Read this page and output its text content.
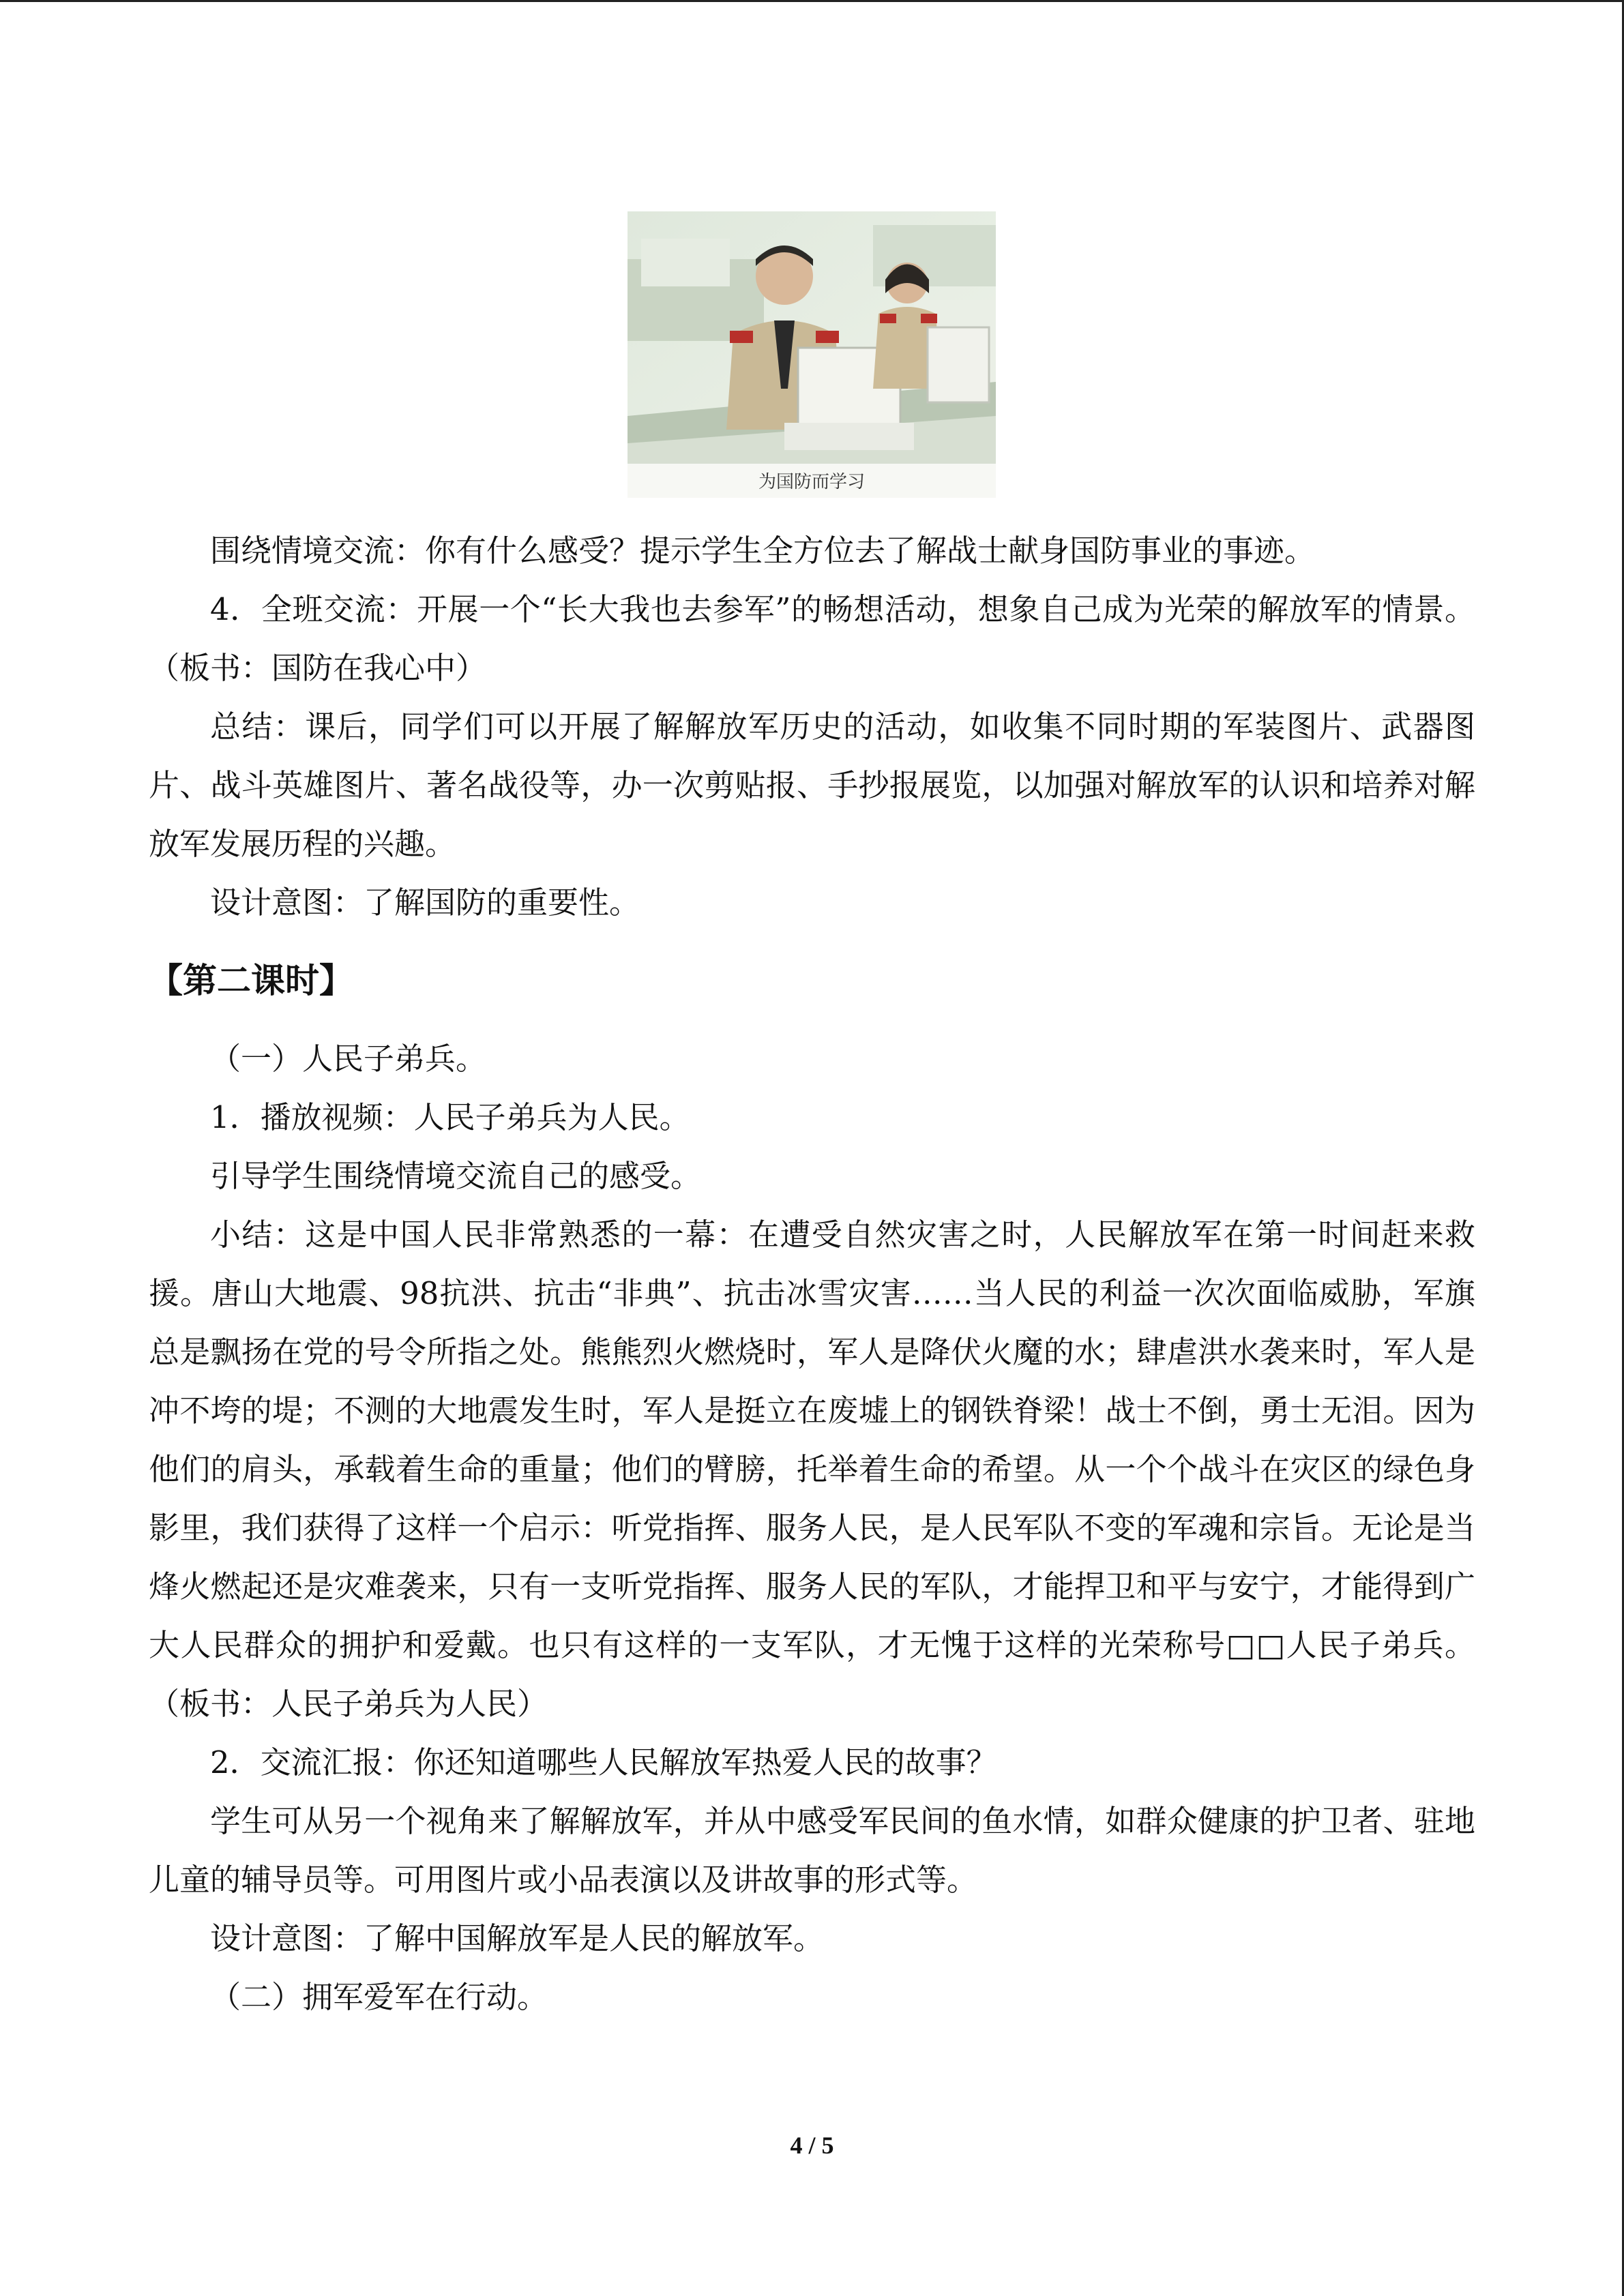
为国防而学习

围绕情境交流：你有什么感受？提示学生全方位去了解战士献身国防事业的事迹。

4．全班交流：开展一个“长大我也去参军”的畅想活动，想象自己成为光荣的解放军的情景。（板书：国防在我心中）

总结：课后，同学们可以开展了解解放军历史的活动，如收集不同时期的军装图片、武器图片、战斗英雄图片、著名战役等，办一次剪贴报、手抄报展览，以加强对解放军的认识和培养对解放军发展历程的兴趣。

设计意图：了解国防的重要性。

【第二课时】

（一）人民子弟兵。

1．播放视频：人民子弟兵为人民。

引导学生围绕情境交流自己的感受。

小结：这是中国人民非常熟悉的一幕：在遭受自然灾害之时，人民解放军在第一时间赶来救援。唐山大地震、98抗洪、抗击“非典”、抗击冰雪灾害……当人民的利益一次次面临威胁，军旗总是飘扬在党的号令所指之处。熊熊烈火燃烧时，军人是降伏火魔的水；肆虐洪水袭来时，军人是冲不垮的堤；不测的大地震发生时，军人是挺立在废墟上的钢铁脊梁！战士不倒，勇士无泪。因为他们的肩头，承载着生命的重量；他们的臂膀，托举着生命的希望。从一个个战斗在灾区的绿色身影里，我们获得了这样一个启示：听党指挥、服务人民，是人民军队不变的军魂和宗旨。无论是当烽火燃起还是灾难袭来，只有一支听党指挥、服务人民的军队，才能捍卫和平与安宁，才能得到广大人民群众的拥护和爱戴。也只有这样的一支军队，才无愧于这样的光荣称号□□人民子弟兵。（板书：人民子弟兵为人民）

2．交流汇报：你还知道哪些人民解放军热爱人民的故事？

学生可从另一个视角来了解解放军，并从中感受军民间的鱼水情，如群众健康的护卫者、驻地儿童的辅导员等。可用图片或小品表演以及讲故事的形式等。

设计意图：了解中国解放军是人民的解放军。

（二）拥军爱军在行动。

4 / 5
